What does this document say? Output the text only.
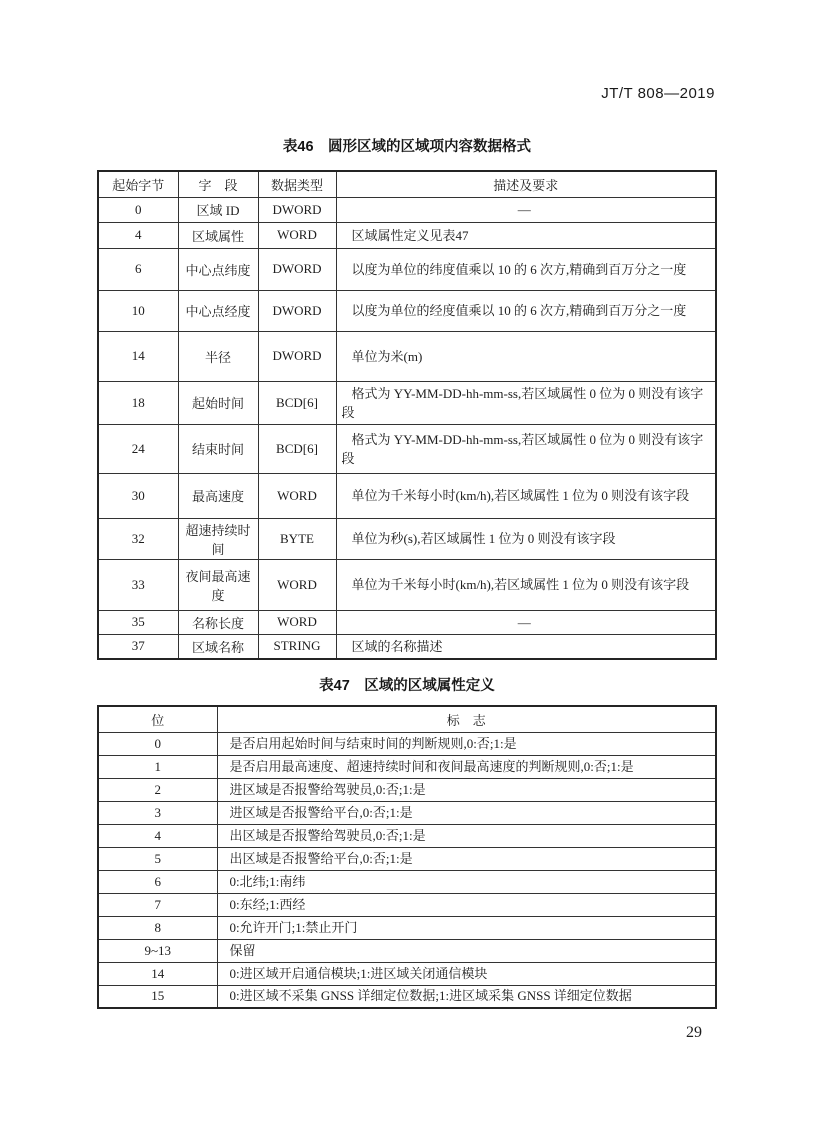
JT/T 808—2019
表46　圆形区域的区域项内容数据格式
起始字节	字　段	数据类型	描述及要求
0	区域 ID	DWORD	—
4	区域属性	WORD	区域属性定义见表47
6	中心点纬度	DWORD	以度为单位的纬度值乘以 10 的 6 次方,精确到百万分之一度
10	中心点经度	DWORD	以度为单位的经度值乘以 10 的 6 次方,精确到百万分之一度
14	半径	DWORD	单位为米(m)
18	起始时间	BCD[6]	格式为 YY-MM-DD-hh-mm-ss,若区域属性 0 位为 0 则没有该字段
24	结束时间	BCD[6]	格式为 YY-MM-DD-hh-mm-ss,若区域属性 0 位为 0 则没有该字段
30	最高速度	WORD	单位为千米每小时(km/h),若区域属性 1 位为 0 则没有该字段
32	超速持续时间	BYTE	单位为秒(s),若区域属性 1 位为 0 则没有该字段
33	夜间最高速度	WORD	单位为千米每小时(km/h),若区域属性 1 位为 0 则没有该字段
35	名称长度	WORD	—
37	区域名称	STRING	区域的名称描述
表47　区域的区域属性定义
位	标　志
0	是否启用起始时间与结束时间的判断规则,0:否;1:是
1	是否启用最高速度、超速持续时间和夜间最高速度的判断规则,0:否;1:是
2	进区域是否报警给驾驶员,0:否;1:是
3	进区域是否报警给平台,0:否;1:是
4	出区域是否报警给驾驶员,0:否;1:是
5	出区域是否报警给平台,0:否;1:是
6	0:北纬;1:南纬
7	0:东经;1:西经
8	0:允许开门;1:禁止开门
9~13	保留
14	0:进区域开启通信模块;1:进区域关闭通信模块
15	0:进区域不采集 GNSS 详细定位数据;1:进区域采集 GNSS 详细定位数据
29
